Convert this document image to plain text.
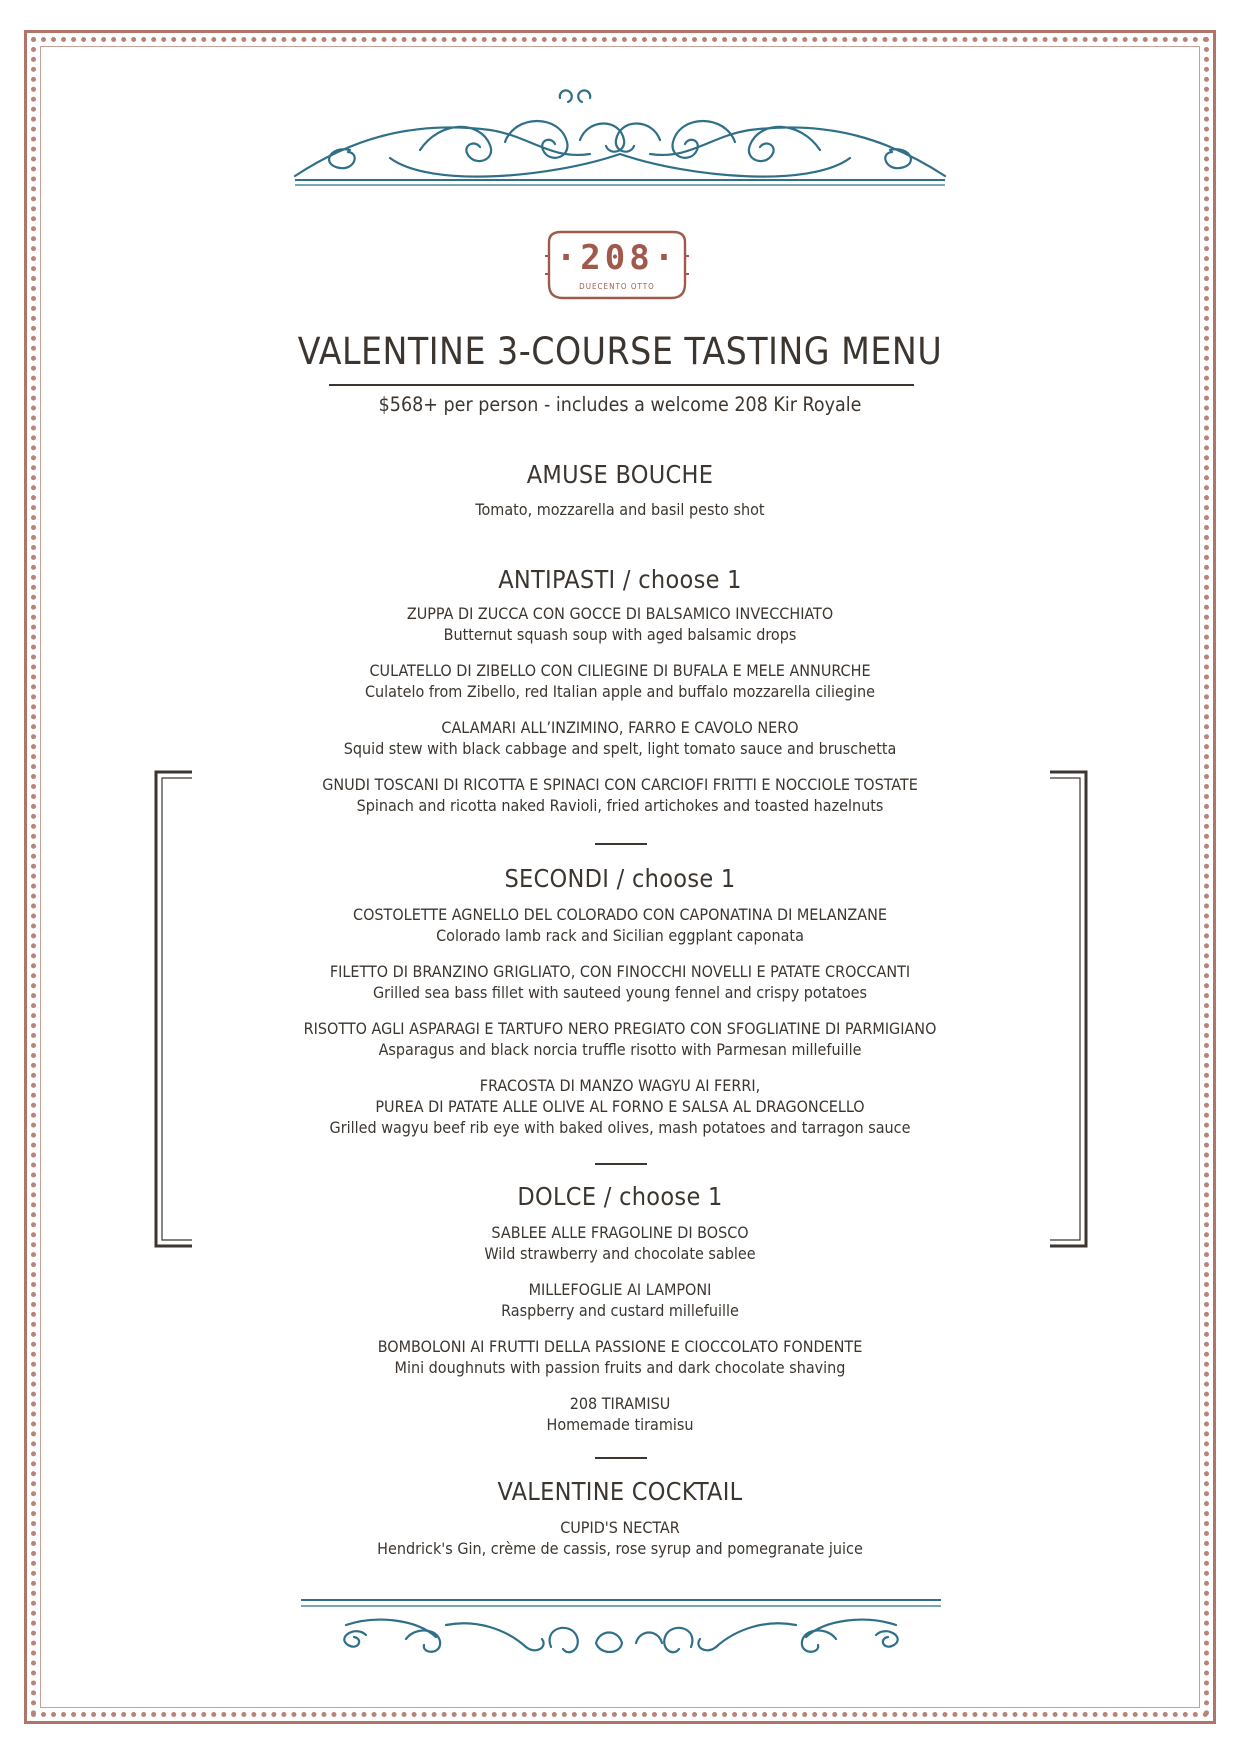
·208·
DUECENTO OTTO
VALENTINE 3-COURSE TASTING MENU
$568+ per person - includes a welcome 208 Kir Royale
AMUSE BOUCHE
Tomato, mozzarella and basil pesto shot
ANTIPASTI / choose 1
ZUPPA DI ZUCCA CON GOCCE DI BALSAMICO INVECCHIATO
Butternut squash soup with aged balsamic drops
CULATELLO DI ZIBELLO CON CILIEGINE DI BUFALA E MELE ANNURCHE
Culatelo from Zibello, red Italian apple and buffalo mozzarella ciliegine
CALAMARI ALL’INZIMINO, FARRO E CAVOLO NERO
Squid stew with black cabbage and spelt, light tomato sauce and bruschetta
GNUDI TOSCANI DI RICOTTA E SPINACI CON CARCIOFI FRITTI E NOCCIOLE TOSTATE
Spinach and ricotta naked Ravioli, fried artichokes and toasted hazelnuts
SECONDI / choose 1
COSTOLETTE AGNELLO DEL COLORADO CON CAPONATINA DI MELANZANE
Colorado lamb rack and Sicilian eggplant caponata
FILETTO DI BRANZINO GRIGLIATO, CON FINOCCHI NOVELLI E PATATE CROCCANTI
Grilled sea bass fillet with sauteed young fennel and crispy potatoes
RISOTTO AGLI ASPARAGI E TARTUFO NERO PREGIATO CON SFOGLIATINE DI PARMIGIANO
Asparagus and black norcia truffle risotto with Parmesan millefuille
FRACOSTA DI MANZO WAGYU AI FERRI,
PUREA DI PATATE ALLE OLIVE AL FORNO E SALSA AL DRAGONCELLO
Grilled wagyu beef rib eye with baked olives, mash potatoes and tarragon sauce
DOLCE / choose 1
SABLEE ALLE FRAGOLINE DI BOSCO
Wild strawberry and chocolate sablee
MILLEFOGLIE AI LAMPONI
Raspberry and custard millefuille
BOMBOLONI AI FRUTTI DELLA PASSIONE E CIOCCOLATO FONDENTE
Mini doughnuts with passion fruits and dark chocolate shaving
208 TIRAMISU
Homemade tiramisu
VALENTINE COCKTAIL
CUPID'S NECTAR
Hendrick's Gin, crème de cassis, rose syrup and pomegranate juice
